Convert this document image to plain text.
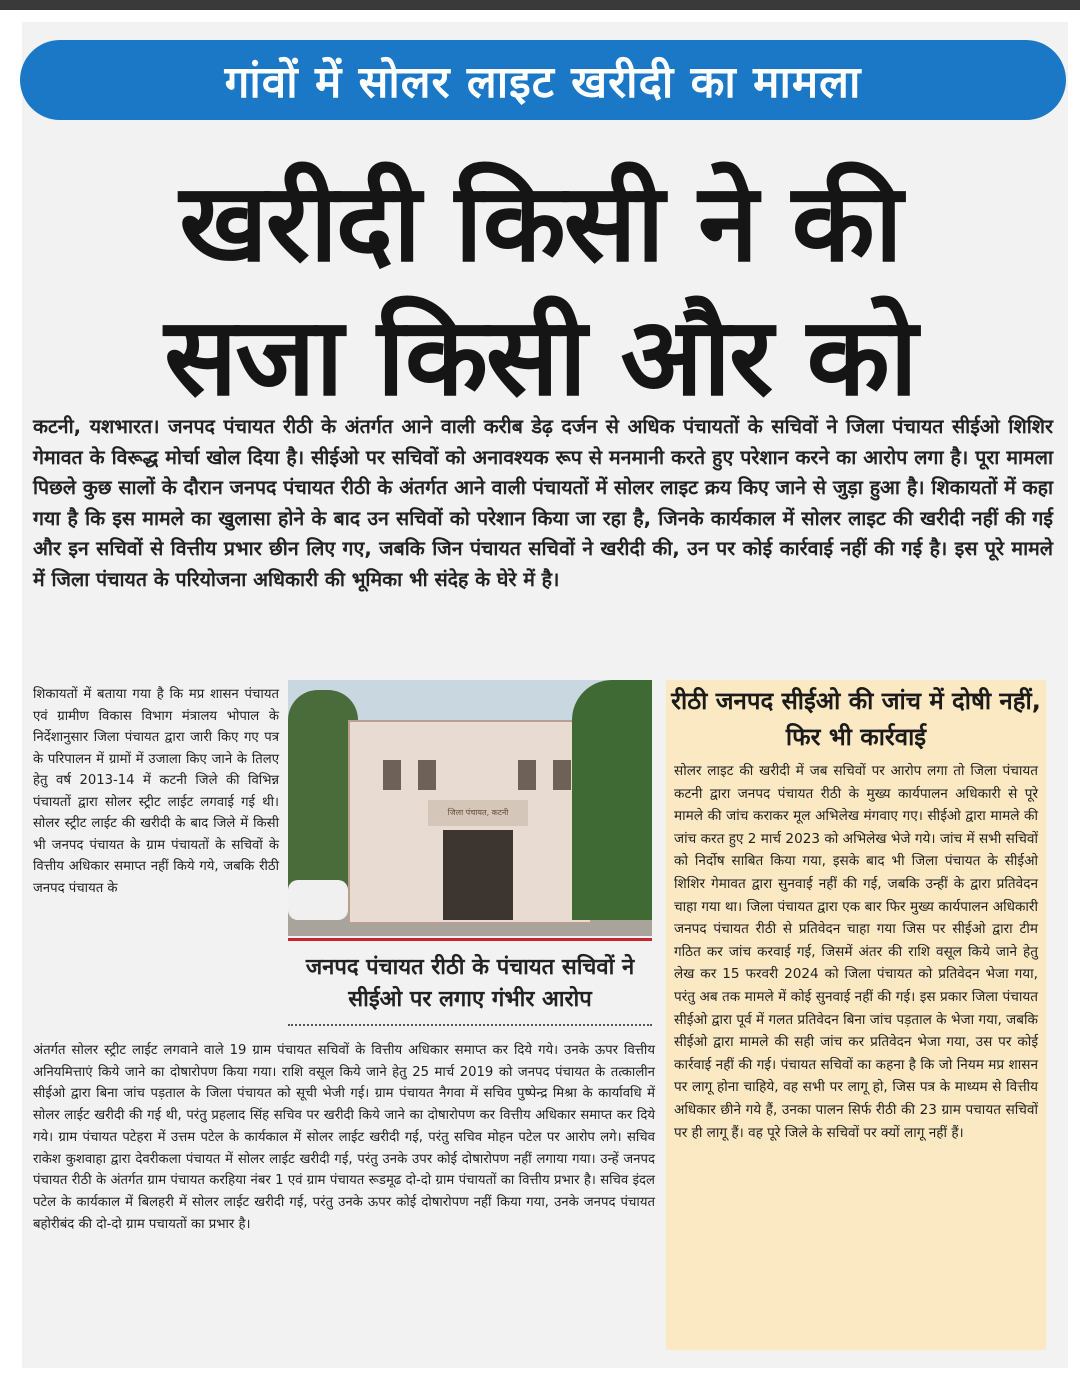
गांवों में सोलर लाइट खरीदी का मामला
खरीदी किसी ने की
सजा किसी और को
कटनी, यशभारत। जनपद पंचायत रीठी के अंतर्गत आने वाली करीब डेढ़ दर्जन से अधिक पंचायतों के सचिवों ने जिला पंचायत सीईओ शिशिर गेमावत के विरूद्ध मोर्चा खोल दिया है। सीईओ पर सचिवों को अनावश्यक रूप से मनमानी करते हुए परेशान करने का आरोप लगा है। पूरा मामला पिछले कुछ सालों के दौरान जनपद पंचायत रीठी के अंतर्गत आने वाली पंचायतों में सोलर लाइट क्रय किए जाने से जुड़ा हुआ है। शिकायतों में कहा गया है कि इस मामले का खुलासा होने के बाद उन सचिवों को परेशान किया जा रहा है, जिनके कार्यकाल में सोलर लाइट की खरीदी नहीं की गई और इन सचिवों से वित्तीय प्रभार छीन लिए गए, जबकि जिन पंचायत सचिवों ने खरीदी की, उन पर कोई कार्रवाई नहीं की गई है। इस पूरे मामले में जिला पंचायत के परियोजना अधिकारी की भूमिका भी संदेह के घेरे में है।
शिकायतों में बताया गया है कि मप्र शासन पंचायत एवं ग्रामीण विकास विभाग मंत्रालय भोपाल के निर्देशानुसार जिला पंचायत द्वारा जारी किए गए पत्र के परिपालन में ग्रामों में उजाला किए जाने के तिलए हेतु वर्ष 2013-14 में कटनी जिले की विभिन्न पंचायतों द्वारा सोलर स्ट्रीट लाईट लगवाई गई थी। सोलर स्ट्रीट लाईट की खरीदी के बाद जिले में किसी भी जनपद पंचायत के ग्राम पंचायतों के सचिवों के वित्तीय अधिकार समाप्त नहीं किये गये, जबकि रीठी जनपद पंचायत के
जिला पंचायत, कटनी
जनपद पंचायत रीठी के पंचायत सचिवों ने सीईओ पर लगाए गंभीर आरोप
अंतर्गत सोलर स्ट्रीट लाईट लगवाने वाले 19 ग्राम पंचायत सचिवों के वित्तीय अधिकार समाप्त कर दिये गये। उनके ऊपर वित्तीय अनियमित्ताएं किये जाने का दोषारोपण किया गया। राशि वसूल किये जाने हेतु 25 मार्च 2019 को जनपद पंचायत के तत्कालीन सीईओ द्वारा बिना जांच पड़ताल के जिला पंचायत को सूची भेजी गई। ग्राम पंचायत नैगवा में सचिव पुष्पेन्द्र मिश्रा के कार्यावधि में सोलर लाईट खरीदी की गई थी, परंतु प्रहलाद सिंह सचिव पर खरीदी किये जाने का दोषारोपण कर वित्तीय अधिकार समाप्त कर दिये गये। ग्राम पंचायत पटेहरा में उत्तम पटेल के कार्यकाल में सोलर लाईट खरीदी गई, परंतु सचिव मोहन पटेल पर आरोप लगे। सचिव राकेश कुशवाहा द्वारा देवरीकला पंचायत में सोलर लाईट खरीदी गई, परंतु उनके उपर कोई दोषारोपण नहीं लगाया गया। उन्हें जनपद पंचायत रीठी के अंतर्गत ग्राम पंचायत करहिया नंबर 1 एवं ग्राम पंचायत रूडमूढ दो-दो ग्राम पंचायतों का वित्तीय प्रभार है। सचिव इंदल पटेल के कार्यकाल में बिलहरी में सोलर लाईट खरीदी गई, परंतु उनके ऊपर कोई दोषारोपण नहीं किया गया, उनके जनपद पंचायत बहोरीबंद की दो-दो ग्राम पचायतों का प्रभार है।
रीठी जनपद सीईओ की जांच में दोषी नहीं, फिर भी कार्रवाई
सोलर लाइट की खरीदी में जब सचिवों पर आरोप लगा तो जिला पंचायत कटनी द्वारा जनपद पंचायत रीठी के मुख्य कार्यपालन अधिकारी से पूरे मामले की जांच कराकर मूल अभिलेख मंगवाए गए। सीईओ द्वारा मामले की जांच करत हुए 2 मार्च 2023 को अभिलेख भेजे गये। जांच में सभी सचिवों को निर्दोष साबित किया गया, इसके बाद भी जिला पंचायत के सीईओ शिशिर गेमावत द्वारा सुनवाई नहीं की गई, जबकि उन्हीं के द्वारा प्रतिवेदन चाहा गया था। जिला पंचायत द्वारा एक बार फिर मुख्य कार्यपालन अधिकारी जनपद पंचायत रीठी से प्रतिवेदन चाहा गया जिस पर सीईओ द्वारा टीम गठित कर जांच करवाई गई, जिसमें अंतर की राशि वसूल किये जाने हेतु लेख कर 15 फरवरी 2024 को जिला पंचायत को प्रतिवेदन भेजा गया, परंतु अब तक मामले में कोई सुनवाई नहीं की गई। इस प्रकार जिला पंचायत सीईओ द्वारा पूर्व में गलत प्रतिवेदन बिना जांच पड़ताल के भेजा गया, जबकि सीईओ द्वारा मामले की सही जांच कर प्रतिवेदन भेजा गया, उस पर कोई कार्रवाई नहीं की गई। पंचायत सचिवों का कहना है कि जो नियम मप्र शासन पर लागू होना चाहिये, वह सभी पर लागू हो, जिस पत्र के माध्यम से वित्तीय अधिकार छीने गये हैं, उनका पालन सिर्फ रीठी की 23 ग्राम पचायत सचिवों पर ही लागू हैं। वह पूरे जिले के सचिवों पर क्यों लागू नहीं हैं।
